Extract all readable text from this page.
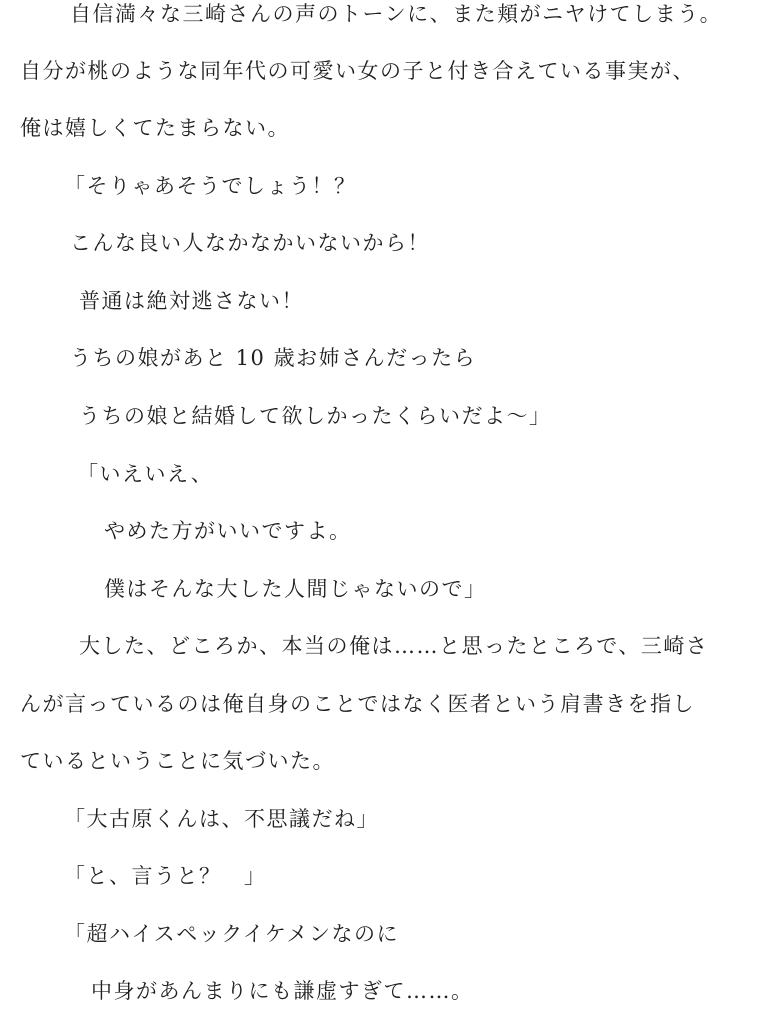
自信満々な三崎さんの声のトーンに、また頬がニヤけてしまう。
自分が桃のような同年代の可愛い女の子と付き合えている事実が、
俺は嬉しくてたまらない。
「そりゃあそうでしょう！？
こんな良い人なかなかいないから！
普通は絶対逃さない！
うちの娘があと 10 歳お姉さんだったら
うちの娘と結婚して欲しかったくらいだよ～」
「いえいえ、
やめた方がいいですよ。
僕はそんな大した人間じゃないので」
大した、どころか、本当の俺は……と思ったところで、三崎さ
んが言っているのは俺自身のことではなく医者という肩書きを指し
ているということに気づいた。
「大古原くんは、不思議だね」
「と、言うと？　」
「超ハイスペックイケメンなのに
中身があんまりにも謙虚すぎて……。
